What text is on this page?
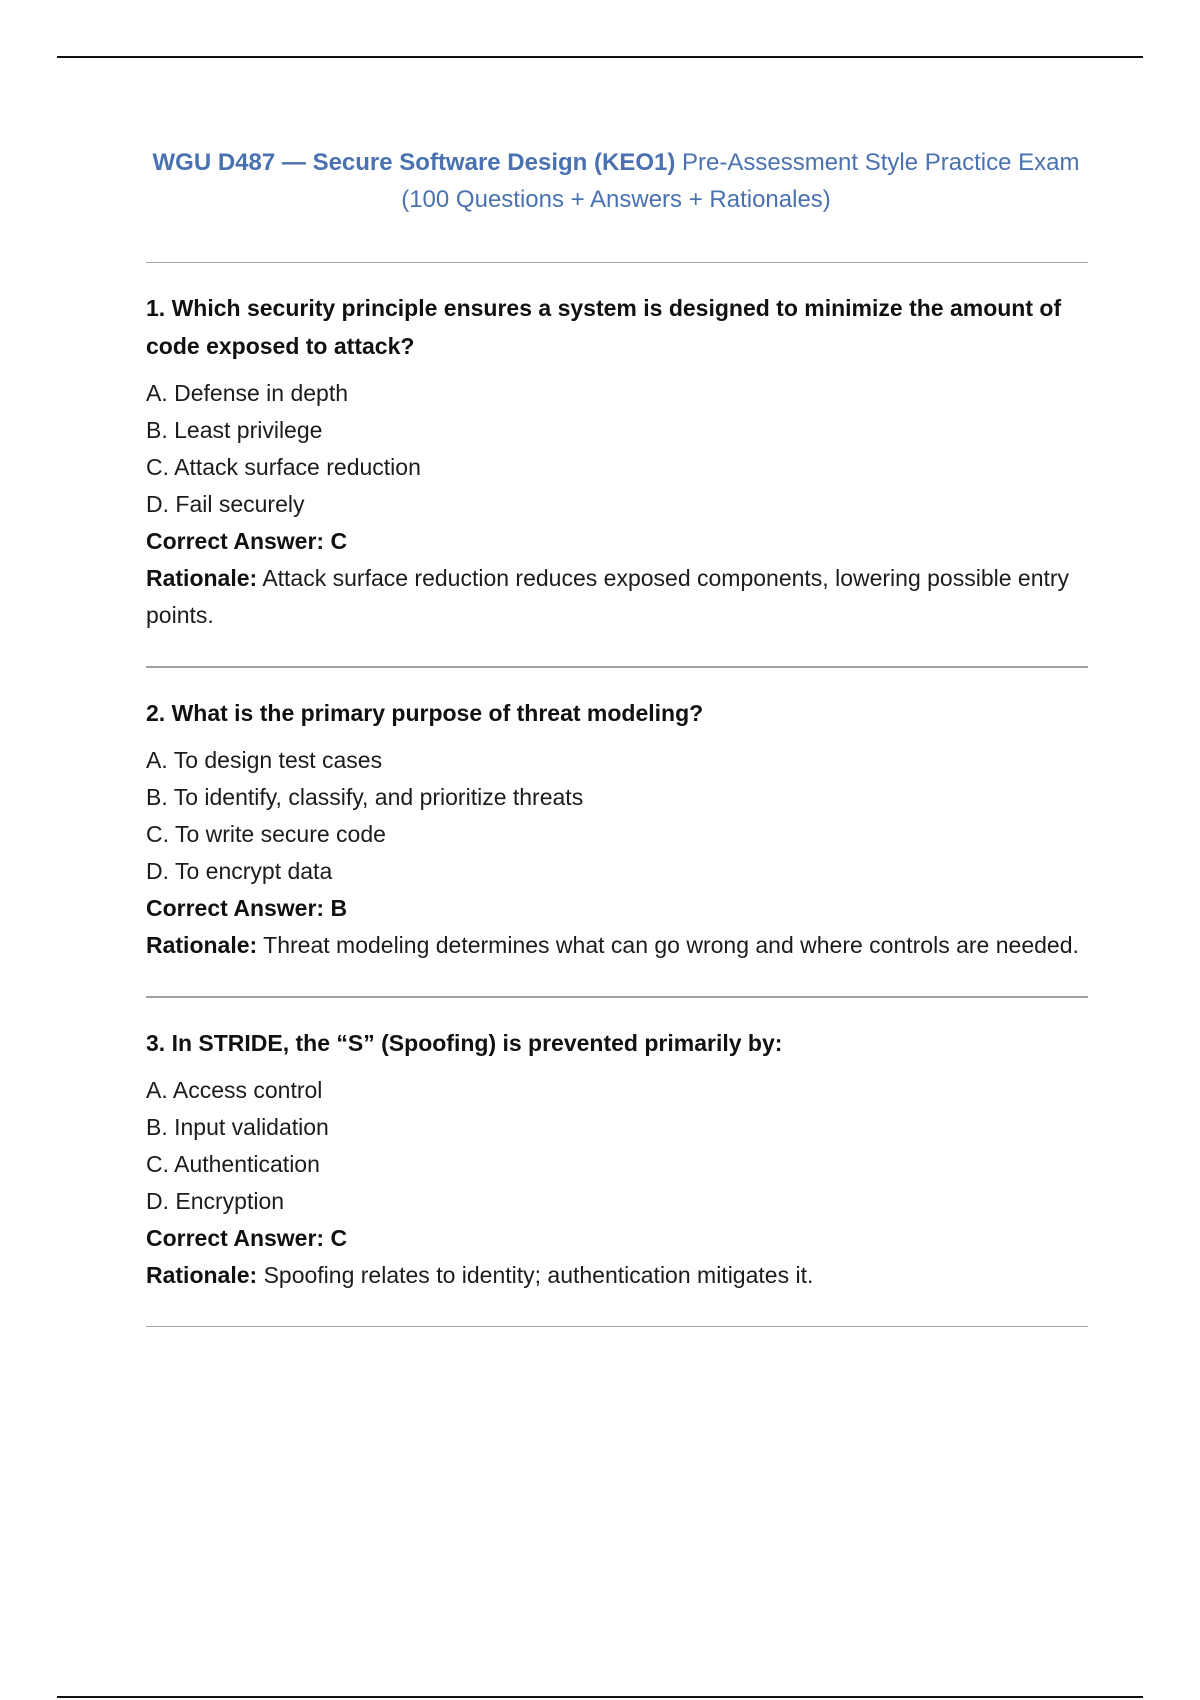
WGU D487 — Secure Software Design (KEO1) Pre-Assessment Style Practice Exam (100 Questions + Answers + Rationales)

1. Which security principle ensures a system is designed to minimize the amount of code exposed to attack?

A. Defense in depth

B. Least privilege

C. Attack surface reduction

D. Fail securely

Correct Answer: C

Rationale: Attack surface reduction reduces exposed components, lowering possible entry points.

2. What is the primary purpose of threat modeling?

A. To design test cases

B. To identify, classify, and prioritize threats

C. To write secure code

D. To encrypt data

Correct Answer: B

Rationale: Threat modeling determines what can go wrong and where controls are needed.

3. In STRIDE, the “S” (Spoofing) is prevented primarily by:

A. Access control

B. Input validation

C. Authentication

D. Encryption

Correct Answer: C

Rationale: Spoofing relates to identity; authentication mitigates it.
